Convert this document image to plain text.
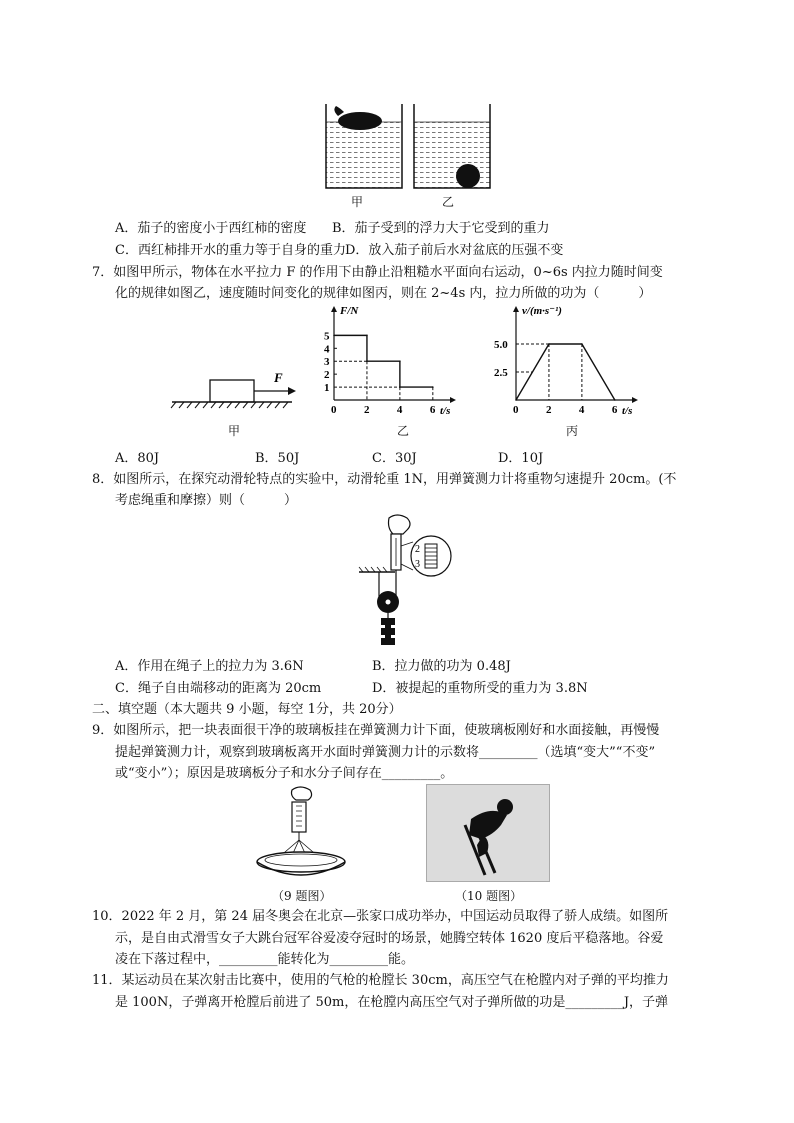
甲	乙
A．茄子的密度小于西红柿的密度 B．茄子受到的浮力大于它受到的重力
C．西红柿排开水的重力等于自身的重力 D．放入茄子前后水对盆底的压强不变
7．如图甲所示，物体在水平拉力 F 的作用下由静止沿粗糙水平面向右运动，0~6s 内拉力随时间变
化的规律如图乙，速度随时间变化的规律如图丙，则在 2~4s 内，拉力所做的功为（　　　）
F
甲
F/N
t/s
0 2 4 6
1
2
3
4
5
乙
v/(m·s⁻¹)
t/s
0 2 4 6
2.5
5.0
丙
A．80J	B．50J	C．30J	D．10J
8．如图所示，在探究动滑轮特点的实验中，动滑轮重 1N，用弹簧测力计将重物匀速提升 20cm。(不
考虑绳重和摩擦）则（　　　）
2
3
A．作用在绳子上的拉力为 3.6N	B．拉力做的功为 0.48J
C．绳子自由端移动的距离为 20cm	D．被提起的重物所受的重力为 3.8N
二、填空题（本大题共 9 小题，每空 1分，共 20分）
9．如图所示，把一块表面很干净的玻璃板挂在弹簧测力计下面，使玻璃板刚好和水面接触，再慢慢
提起弹簧测力计，观察到玻璃板离开水面时弹簧测力计的示数将_________（选填“变大”“不变”
或“变小”）；原因是玻璃板分子和水分子间存在_________。
（9 题图）	（10 题图）
10．2022 年 2 月，第 24 届冬奥会在北京—张家口成功举办，中国运动员取得了骄人成绩。如图所
示，是自由式滑雪女子大跳台冠军谷爱凌夺冠时的场景，她腾空转体 1620 度后平稳落地。谷爱
凌在下落过程中，_________能转化为_________能。
11．某运动员在某次射击比赛中，使用的气枪的枪膛长 30cm，高压空气在枪膛内对子弹的平均推力
是 100N，子弹离开枪膛后前进了 50m，在枪膛内高压空气对子弹所做的功是_________J，子弹
